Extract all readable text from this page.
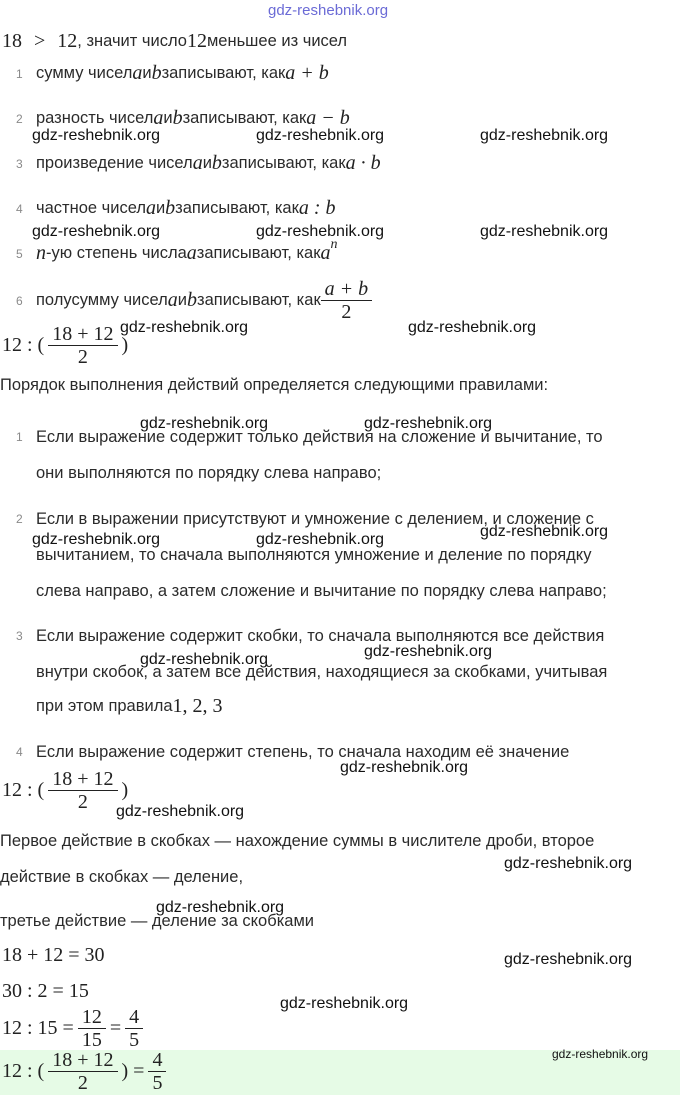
gdz-reshebnik.org
18 > 12 , значит число 12 меньшее из чисел
1 сумму чисел a и b записывают, как a + b
2 разность чисел a и b записывают, как a − b
3 произведение чисел a и b записывают, как a · b
4 частное чисел a и b записывают, как a : b
5 n -ую степень числа a записывают, как a n
6 полусумму чисел a и b записывают, как $\frac{a + b}{2}$
12 : ( $\frac{18 + 12}{2}$ )
Порядок выполнения действий определяется следующими правилами:
1 Если выражение содержит только действия на сложение и вычитание, то
они выполняются по порядку слева направо;
2 Если в выражении присутствуют и умножение с делением, и сложение с
вычитанием, то сначала выполняются умножение и деление по порядку
слева направо, а затем сложение и вычитание по порядку слева направо;
3 Если выражение содержит скобки, то сначала выполняются все действия
внутри скобок, а затем все действия, находящиеся за скобками, учитывая
при этом правила 1, 2, 3
4 Если выражение содержит степень, то сначала находим её значение
12 : ( $\frac{18 + 12}{2}$ )
Первое действие в скобках — нахождение суммы в числителе дроби, второе
действие в скобках — деление,
третье действие — деление за скобками
18 + 12 = 30
30 : 2 = 15
12 : $15 = \frac{12}{15} = \frac{4}{5}$
12 : ( $\frac{18 + 12}{2}$ ) = $\frac{4}{5}$
gdz-reshebnik.org	gdz-reshebnik.org	gdz-reshebnik.org
gdz-reshebnik.org	gdz-reshebnik.org	gdz-reshebnik.org
gdz-reshebnik.org	gdz-reshebnik.org
gdz-reshebnik.org	gdz-reshebnik.org
gdz-reshebnik.org	gdz-reshebnik.org	gdz-reshebnik.org
gdz-reshebnik.org	gdz-reshebnik.org
gdz-reshebnik.org
gdz-reshebnik.org
gdz-reshebnik.org
gdz-reshebnik.org
gdz-reshebnik.org
gdz-reshebnik.org
gdz-reshebnik.org
